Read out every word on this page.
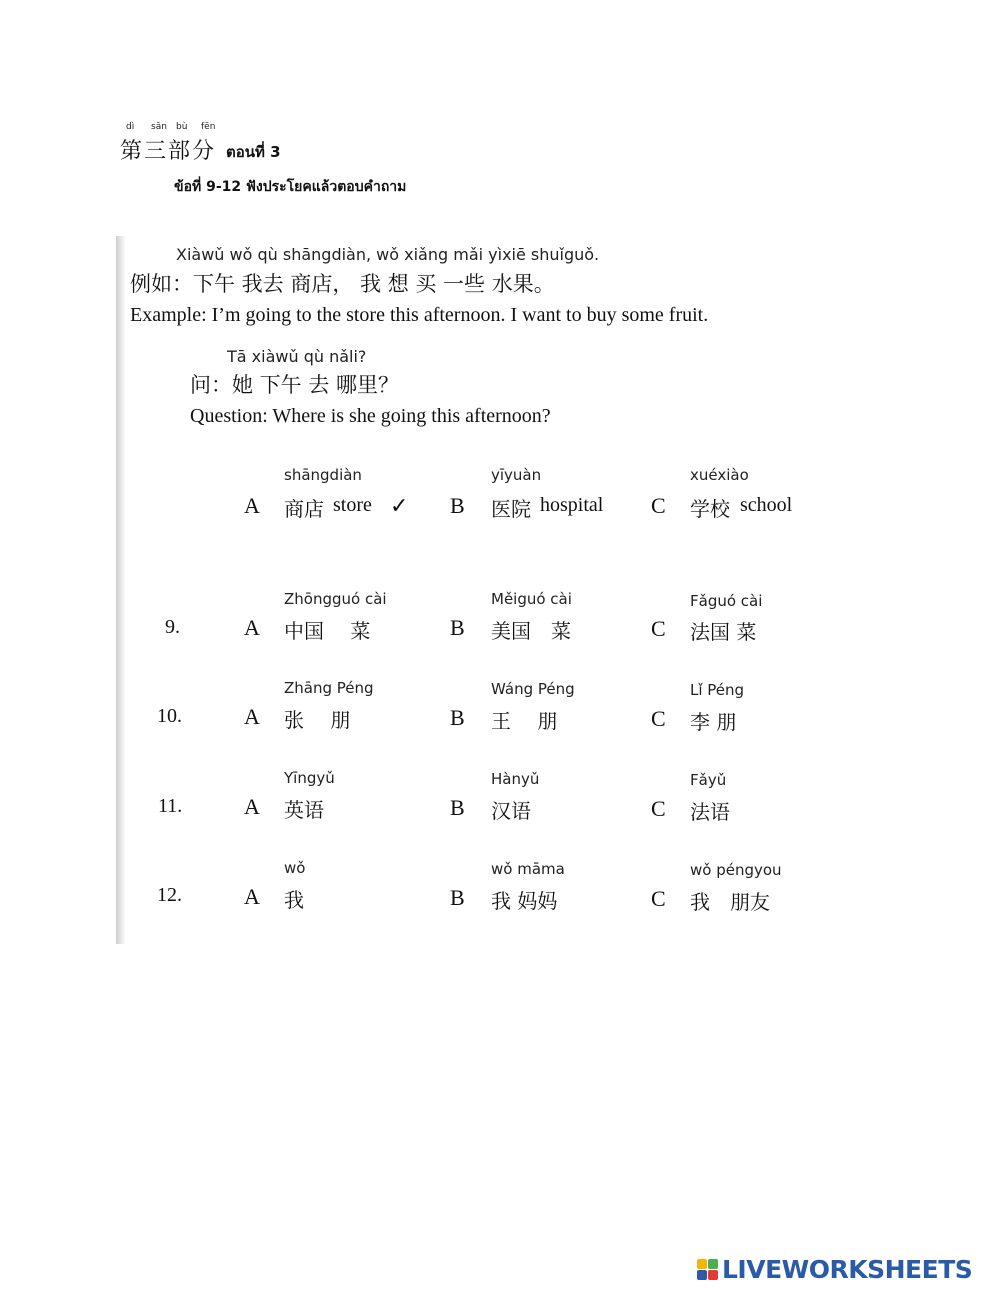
dì sān bù fēn
第三部分 ตอนที่ 3
ข้อที่ 9-12 ฟังประโยคแล้วตอบคำถาม
Xiàwǔ wǒ qù shāngdiàn, wǒ xiǎng mǎi yìxiē shuǐguǒ.
例如：下午 我去 商店， 我 想 买 一些 水果。
Example: I’m going to the store this afternoon. I want to buy some fruit.
Tā xiàwǔ qù nǎli?
问：她 下午 去 哪里？
Question: Where is she going this afternoon?
shāngdiàn
A 商店 store ✓
yīyuàn
B 医院 hospital
xuéxiào
C 学校 school
9.
Zhōngguó cài
A 中国　 菜
Měiguó cài
B 美国　菜
Fǎguó cài
C 法国 菜
10.
Zhāng Péng
A 张　 朋
Wáng Péng
B 王　 朋
Lǐ Péng
C 李 朋
11.
Yīngyǔ
A 英语
Hànyǔ
B 汉语
Fǎyǔ
C 法语
12.
wǒ
A 我
wǒ māma
B 我 妈妈
wǒ péngyou
C 我　朋友
LIVEWORKSHEETS
